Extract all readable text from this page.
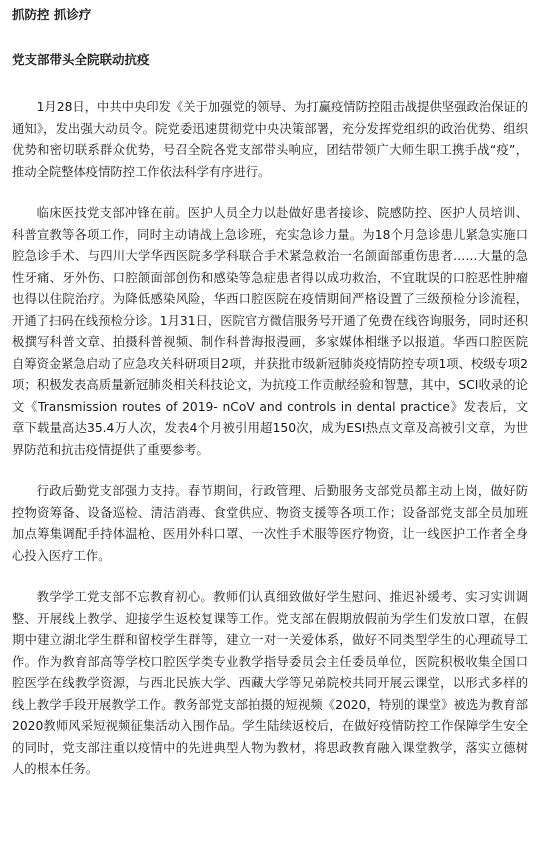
抓防控 抓诊疗
党支部带头全院联动抗疫

1月28日，中共中央印发《关于加强党的领导、为打赢疫情防控阻击战提供坚强政治保证的通知》，发出强大动员令。院党委迅速贯彻党中央决策部署，充分发挥党组织的政治优势、组织优势和密切联系群众优势，号召全院各党支部带头响应，团结带领广大师生职工携手战“疫”，推动全院整体疫情防控工作依法科学有序进行。

临床医技党支部冲锋在前。医护人员全力以赴做好患者接诊、院感防控、医护人员培训、科普宣教等各项工作，同时主动请战上急诊班，充实急诊力量。为18个月急诊患儿紧急实施口腔急诊手术、与四川大学华西医院多学科联合手术紧急救治一名颌面部重伤患者……大量的急性牙痛、牙外伤、口腔颌面部创伤和感染等急症患者得以成功救治，不宜耽误的口腔恶性肿瘤也得以住院治疗。为降低感染风险，华西口腔医院在疫情期间严格设置了三级预检分诊流程，开通了扫码在线预检分诊。1月31日，医院官方微信服务号开通了免费在线咨询服务，同时还积极撰写科普文章、拍摄科普视频、制作科普海报漫画，多家媒体相继予以报道。华西口腔医院自筹资金紧急启动了应急攻关科研项目2项，并获批市级新冠肺炎疫情防控专项1项、校级专项2项；积极发表高质量新冠肺炎相关科技论文，为抗疫工作贡献经验和智慧，其中，SCI收录的论文《Transmission routes of 2019- nCoV and controls in dental practice》发表后，文章下载量高达35.4万人次，发表4个月被引用超150次，成为ESI热点文章及高被引文章，为世界防范和抗击疫情提供了重要参考。

行政后勤党支部强力支持。春节期间，行政管理、后勤服务支部党员都主动上岗，做好防控物资筹备、设备巡检、清洁消毒、食堂供应、物资支援等各项工作；设备部党支部全员加班加点筹集调配手持体温枪、医用外科口罩、一次性手术服等医疗物资，让一线医护工作者全身心投入医疗工作。

教学学工党支部不忘教育初心。教师们认真细致做好学生慰问、推迟补缓考、实习实训调整、开展线上教学、迎接学生返校复课等工作。党支部在假期放假前为学生们发放口罩，在假期中建立湖北学生群和留校学生群等，建立一对一关爱体系，做好不同类型学生的心理疏导工作。作为教育部高等学校口腔医学类专业教学指导委员会主任委员单位，医院积极收集全国口腔医学在线教学资源，与西北民族大学、西藏大学等兄弟院校共同开展云课堂，以形式多样的线上教学手段开展教学工作。教务部党支部拍摄的短视频《2020，特别的课堂》被选为教育部2020教师风采短视频征集活动入围作品。学生陆续返校后，在做好疫情防控工作保障学生安全的同时，党支部注重以疫情中的先进典型人物为教材，将思政教育融入课堂教学，落实立德树人的根本任务。
